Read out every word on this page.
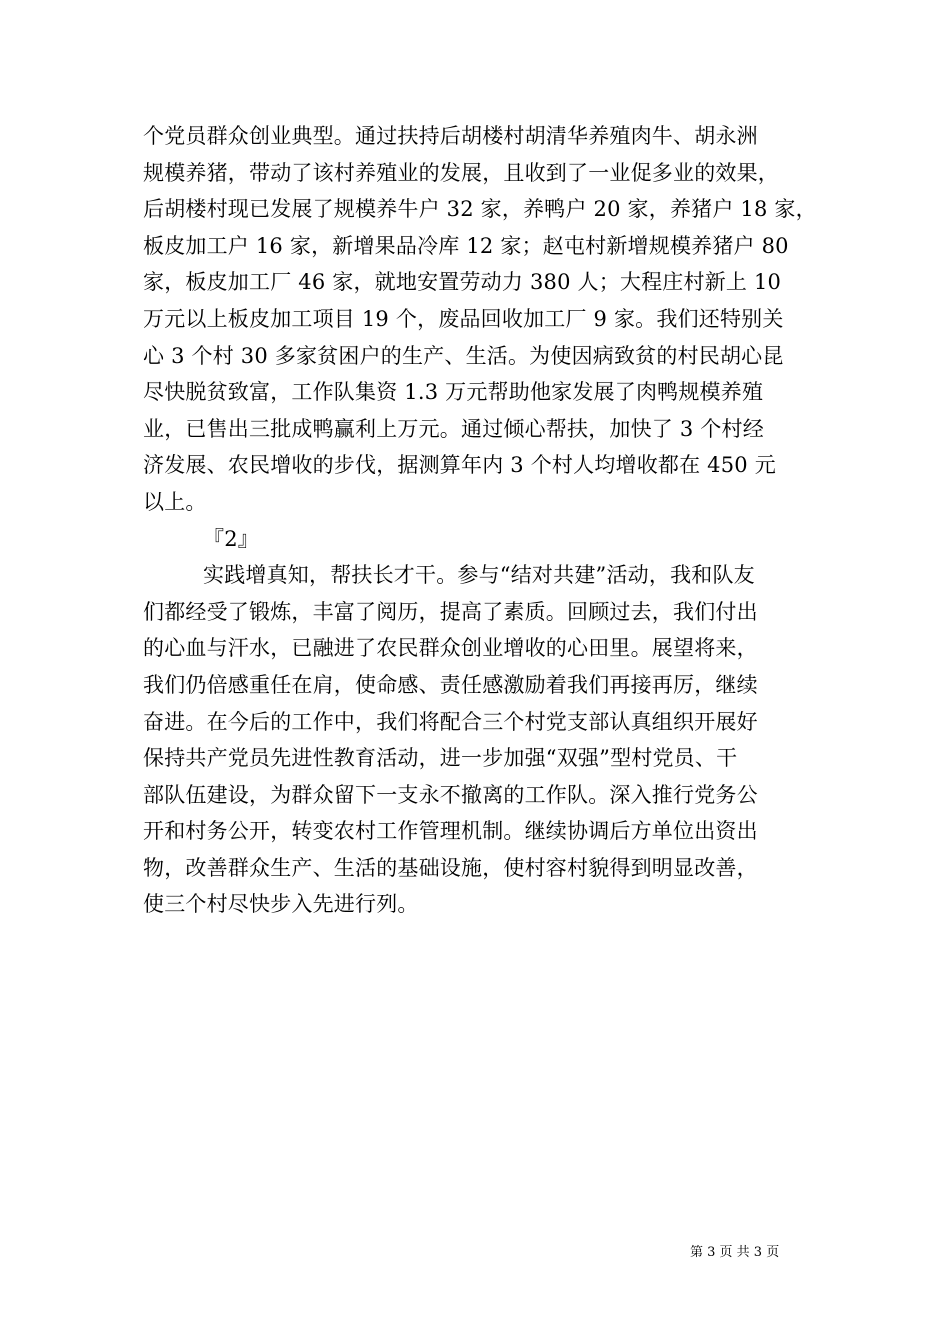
个党员群众创业典型。通过扶持后胡楼村胡清华养殖肉牛、胡永洲
规模养猪，带动了该村养殖业的发展，且收到了一业促多业的效果，
后胡楼村现已发展了规模养牛户 32 家，养鸭户 20 家，养猪户 18 家，
板皮加工户 16 家，新增果品冷库 12 家；赵屯村新增规模养猪户 80
家，板皮加工厂 46 家，就地安置劳动力 380 人；大程庄村新上 10
万元以上板皮加工项目 19 个，废品回收加工厂 9 家。我们还特别关
心 3 个村 30 多家贫困户的生产、生活。为使因病致贫的村民胡心昆
尽快脱贫致富，工作队集资 1.3 万元帮助他家发展了肉鸭规模养殖
业，已售出三批成鸭赢利上万元。通过倾心帮扶，加快了 3 个村经
济发展、农民增收的步伐，据测算年内 3 个村人均增收都在 450 元
以上。
『2』
实践增真知，帮扶长才干。参与“结对共建”活动，我和队友
们都经受了锻炼，丰富了阅历，提高了素质。回顾过去，我们付出
的心血与汗水，已融进了农民群众创业增收的心田里。展望将来，
我们仍倍感重任在肩，使命感、责任感激励着我们再接再厉，继续
奋进。在今后的工作中，我们将配合三个村党支部认真组织开展好
保持共产党员先进性教育活动，进一步加强“双强”型村党员、干
部队伍建设，为群众留下一支永不撤离的工作队。深入推行党务公
开和村务公开，转变农村工作管理机制。继续协调后方单位出资出
物，改善群众生产、生活的基础设施，使村容村貌得到明显改善，
使三个村尽快步入先进行列。
第 3 页 共 3 页
